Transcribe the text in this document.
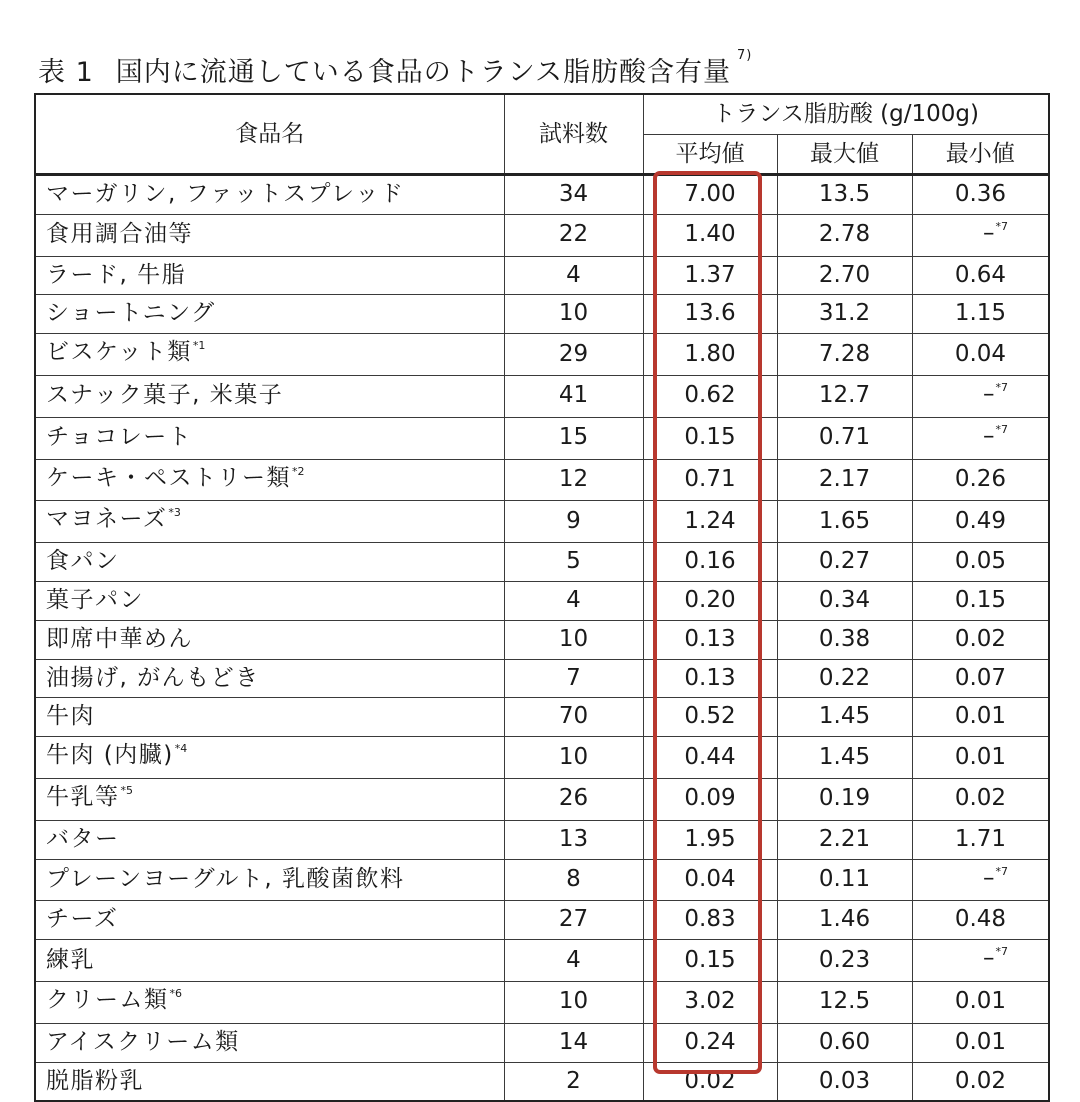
表 1 国内に流通している食品のトランス脂肪酸含有量$^{7)}$
食品名	試料数	トランス脂肪酸 (g/100g)		
		平均値	最大値	最小値
マーガリン, ファットスプレッド	34	7.00	13.5	0.36
食用調合油等	22	1.40	2.78	–$^{*7}$
ラード, 牛脂	4	1.37	2.70	0.64
ショートニング	10	13.6	31.2	1.15
ビスケット類$^{*1}$	29	1.80	7.28	0.04
スナック菓子, 米菓子	41	0.62	12.7	–$^{*7}$
チョコレート	15	0.15	0.71	–$^{*7}$
ケーキ・ペストリー類$^{*2}$	12	0.71	2.17	0.26
マヨネーズ$^{*3}$	9	1.24	1.65	0.49
食パン	5	0.16	0.27	0.05
菓子パン	4	0.20	0.34	0.15
即席中華めん	10	0.13	0.38	0.02
油揚げ, がんもどき	7	0.13	0.22	0.07
牛肉	70	0.52	1.45	0.01
牛肉 (内臓)$^{*4}$	10	0.44	1.45	0.01
牛乳等$^{*5}$	26	0.09	0.19	0.02
バター	13	1.95	2.21	1.71
プレーンヨーグルト, 乳酸菌飲料	8	0.04	0.11	–$^{*7}$
チーズ	27	0.83	1.46	0.48
練乳	4	0.15	0.23	–$^{*7}$
クリーム類$^{*6}$	10	3.02	12.5	0.01
アイスクリーム類	14	0.24	0.60	0.01
脱脂粉乳	2	0.02	0.03	0.02
